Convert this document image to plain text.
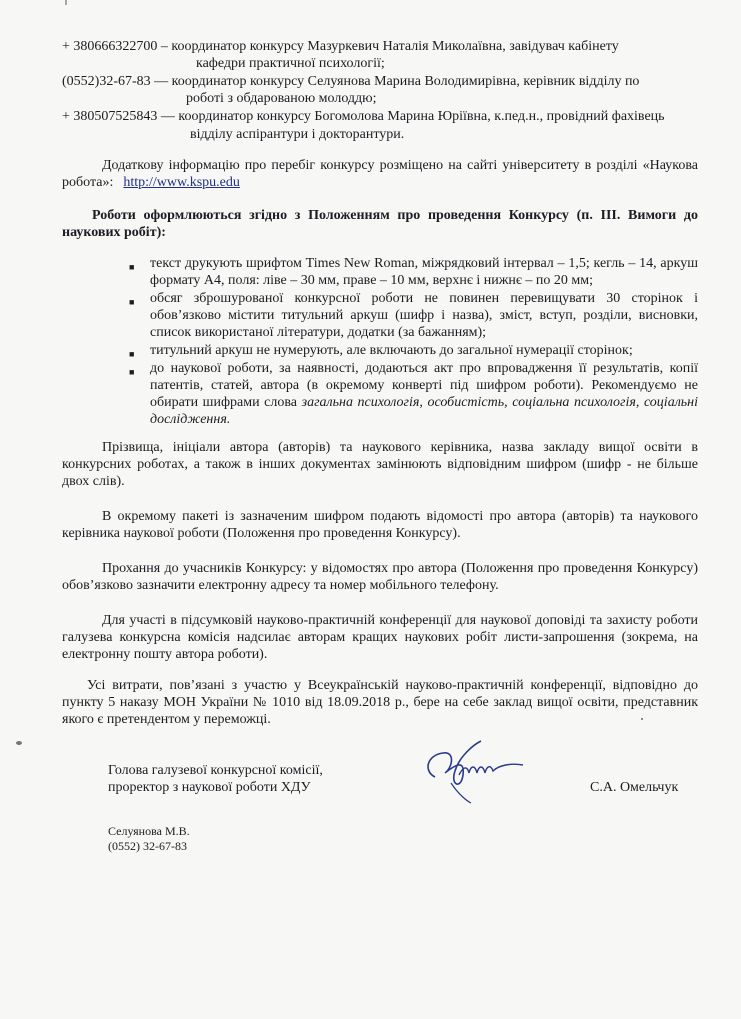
+ 380666322700 – координатор конкурсу Мазуркевич Наталія Миколаївна, завідувач кабінету
кафедри практичної психології;
(0552)32-67-83 — координатор конкурсу Селуянова Марина Володимирівна, керівник відділу по
роботі з обдарованою молоддю;
+ 380507525843 — координатор конкурсу Богомолова Марина Юріївна, к.пед.н., провідний фахівець
відділу аспірантури і докторантури.
Додаткову інформацію про перебіг конкурсу розміщено на сайті університету в розділі «Наукова робота»: http://www.kspu.edu
Роботи оформлюються згідно з Положенням про проведення Конкурсу (п. ІІІ. Вимоги до наукових робіт):
■ текст друкують шрифтом Times New Roman, міжрядковий інтервал – 1,5; кегль – 14, аркуш формату А4, поля: ліве – 30 мм, праве – 10 мм, верхнє і нижнє – по 20 мм;
■ обсяг зброшурованої конкурсної роботи не повинен перевищувати 30 сторінок і обов’язково містити титульний аркуш (шифр і назва), зміст, вступ, розділи, висновки, список використаної літератури, додатки (за бажанням);
■ титульний аркуш не нумерують, але включають до загальної нумерації сторінок;
■ до наукової роботи, за наявності, додаються акт про впровадження її результатів, копії патентів, статей, автора (в окремому конверті під шифром роботи). Рекомендуємо не обирати шифрами слова загальна психологія, особистість, соціальна психологія, соціальні дослідження.
Прізвища, ініціали автора (авторів) та наукового керівника, назва закладу вищої освіти в конкурсних роботах, а також в інших документах замінюють відповідним шифром (шифр - не більше двох слів).
В окремому пакеті із зазначеним шифром подають відомості про автора (авторів) та наукового керівника наукової роботи (Положення про проведення Конкурсу).
Прохання до учасників Конкурсу: у відомостях про автора (Положення про проведення Конкурсу) обов’язково зазначити електронну адресу та номер мобільного телефону.
Для участі в підсумковій науково-практичній конференції для наукової доповіді та захисту роботи галузева конкурсна комісія надсилає авторам кращих наукових робіт листи-запрошення (зокрема, на електронну пошту автора роботи).
Усі витрати, пов’язані з участю у Всеукраїнській науково-практичній конференції, відповідно до пункту 5 наказу МОН України № 1010 від 18.09.2018 р., бере на себе заклад вищої освіти, представник якого є претендентом у переможці.
Голова галузевої конкурсної комісії,
проректор з наукової роботи ХДУ	С.А. Омельчук
Селуянова М.В.
(0552) 32-67-83
